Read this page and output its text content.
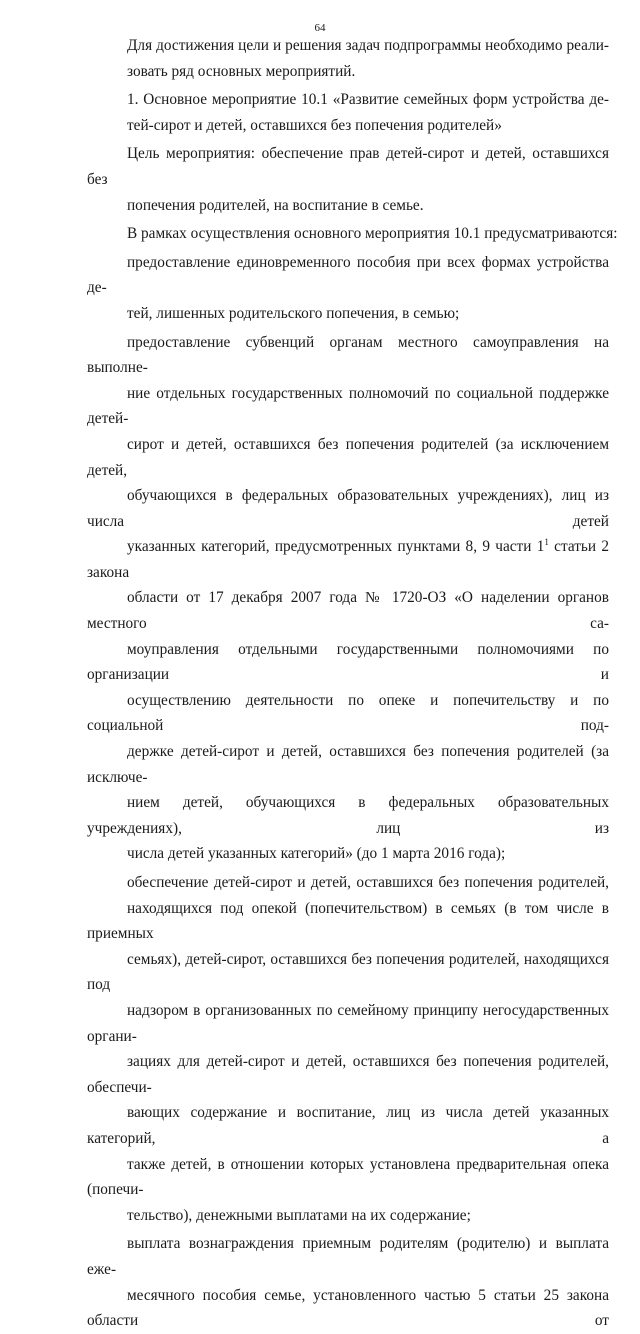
64
Для достижения цели и решения задач подпрограммы необходимо реали-
зовать ряд основных мероприятий.
1. Основное мероприятие 10.1 «Развитие семейных форм устройства де-
тей-сирот и детей, оставшихся без попечения родителей»
Цель мероприятия: обеспечение прав детей-сирот и детей, оставшихся без
попечения родителей, на воспитание в семье.
В рамках осуществления основного мероприятия 10.1 предусматриваются:
предоставление единовременного пособия при всех формах устройства де-
тей, лишенных родительского попечения, в семью;
предоставление субвенций органам местного самоуправления на выполне-
ние отдельных государственных полномочий по социальной поддержке детей-
сирот и детей, оставшихся без попечения родителей (за исключением детей,
обучающихся в федеральных образовательных учреждениях), лиц из числа детей
указанных категорий, предусмотренных пунктами 8, 9 части $1^1$ статьи 2 закона
области от 17 декабря 2007 года № 1720-ОЗ «О наделении органов местного са-
моуправления отдельными государственными полномочиями по организации и
осуществлению деятельности по опеке и попечительству и по социальной под-
держке детей-сирот и детей, оставшихся без попечения родителей (за исключе-
нием детей, обучающихся в федеральных образовательных учреждениях), лиц из
числа детей указанных категорий» (до 1 марта 2016 года);
обеспечение детей-сирот и детей, оставшихся без попечения родителей,
находящихся под опекой (попечительством) в семьях (в том числе в приемных
семьях), детей-сирот, оставшихся без попечения родителей, находящихся под
надзором в организованных по семейному принципу негосударственных органи-
зациях для детей-сирот и детей, оставшихся без попечения родителей, обеспечи-
вающих содержание и воспитание, лиц из числа детей указанных категорий, а
также детей, в отношении которых установлена предварительная опека (попечи-
тельство), денежными выплатами на их содержание;
выплата вознаграждения приемным родителям (родителю) и выплата еже-
месячного пособия семье, установленного частью 5 статьи 25 закона области от
